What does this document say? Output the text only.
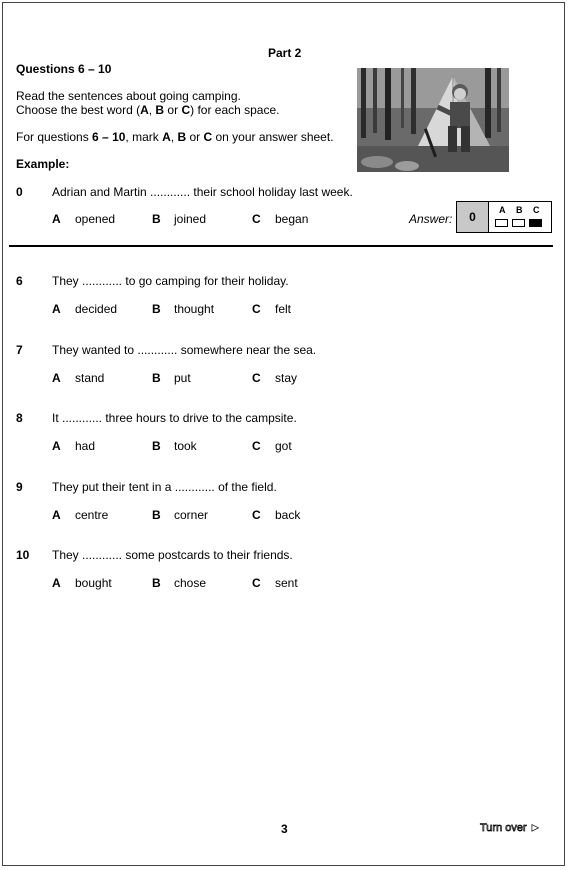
Part 2
Questions 6 – 10
Read the sentences about going camping.
Choose the best word (A, B or C) for each space.
For questions 6 – 10, mark A, B or C on your answer sheet.
Example:
0 Adrian and Martin ............ their school holiday last week.
A opened	B joined	C began	Answer:	0	A B C
6 They ............ to go camping for their holiday.
A decided	B thought	C felt
7 They wanted to ............ somewhere near the sea.
A stand	B put	C stay
8 It ............ three hours to drive to the campsite.
A had	B took	C got
9 They put their tent in a ............ of the field.
A centre	B corner	C back
10 They ............ some postcards to their friends.
A bought	B chose	C sent
3	Turn over ►
